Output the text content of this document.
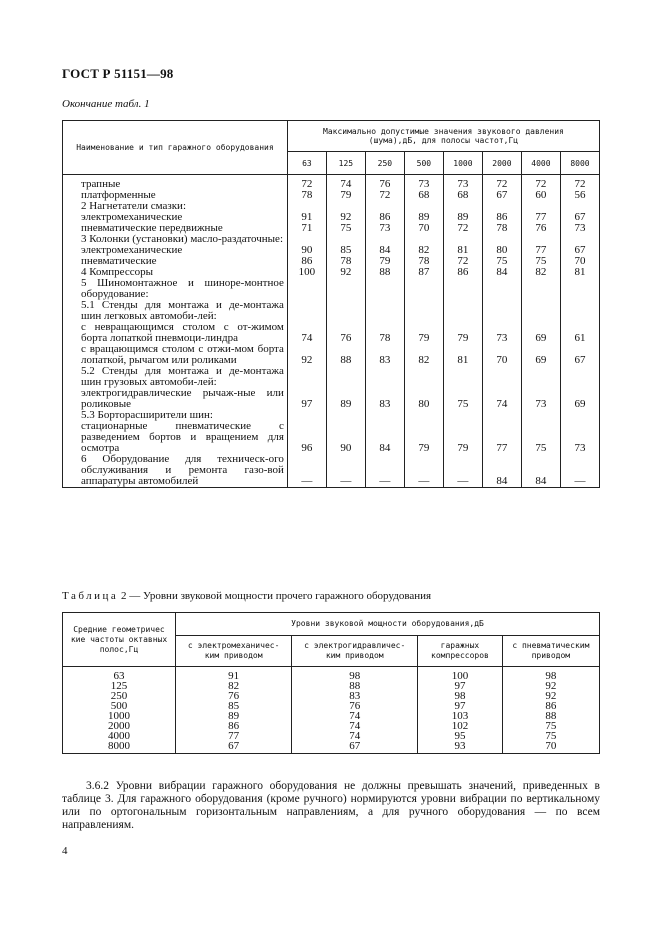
ГОСТ Р 51151—98
Окончание табл. 1
Наименование и тип гаражного оборудования	Максимально допустимые значения звукового давления (шума),дБ, для полосы частот,Гц							
	63	125	250	500	1000	2000	4000	8000
трапные	72	74	76	73	73	72	72	72
платформенные	78	79	72	68	68	67	60	56
2 Нагнетатели смазки:								
электромеханические	91	92	86	89	89	86	77	67
пневматические передвижные	71	75	73	70	72	78	76	73
3 Колонки (установки) масло-раздаточные:								
электромеханические	90	85	84	82	81	80	77	67
пневматические	86	78	79	78	72	75	75	70
4 Компрессоры	100	92	88	87	86	84	82	81
5 Шиномонтажное и шиноре-монтное оборудование:								
5.1 Стенды для монтажа и де-монтажа шин легковых автомоби-лей:								
с невращающимся столом с от-жимом борта лопаткой пневмоци-линдра	74	76	78	79	79	73	69	61
с вращающимся столом с отжи-мом борта лопаткой, рычагом или роликами	92	88	83	82	81	70	69	67
5.2 Стенды для монтажа и де-монтажа шин грузовых автомоби-лей:								
электрогидравлические рычаж-ные или роликовые	97	89	83	80	75	74	73	69
5.3 Борторасширители шин:								
стационарные пневматические с разведением бортов и вращением для осмотра	96	90	84	79	79	77	75	73
6 Оборудование для техническ-ого обслуживания и ремонта газо-вой аппаратуры автомобилей	—	—	—	—	—	84	84	—
Таблица 2 — Уровни звуковой мощности прочего гаражного оборудования
Средние геометричес кие частоты октавных полос,Гц	Уровни звуковой мощности оборудования,дБ			
	с электромеханичес-ким приводом	с электрогидравличес-ким приводом	гаражных компрессоров	с пневматическим приводом
63	91	98	100	98
125	82	88	97	92
250	76	83	98	92
500	85	76	97	86
1000	89	74	103	88
2000	86	74	102	75
4000	77	74	95	75
8000	67	67	93	70
3.6.2 Уровни вибрации гаражного оборудования не должны превышать значений, приведенных в таблице 3. Для гаражного оборудования (кроме ручного) нормируются уровни вибрации по вертикальному или по ортогональным горизонтальным направлениям, а для ручного оборудования — по всем направлениям.
4
